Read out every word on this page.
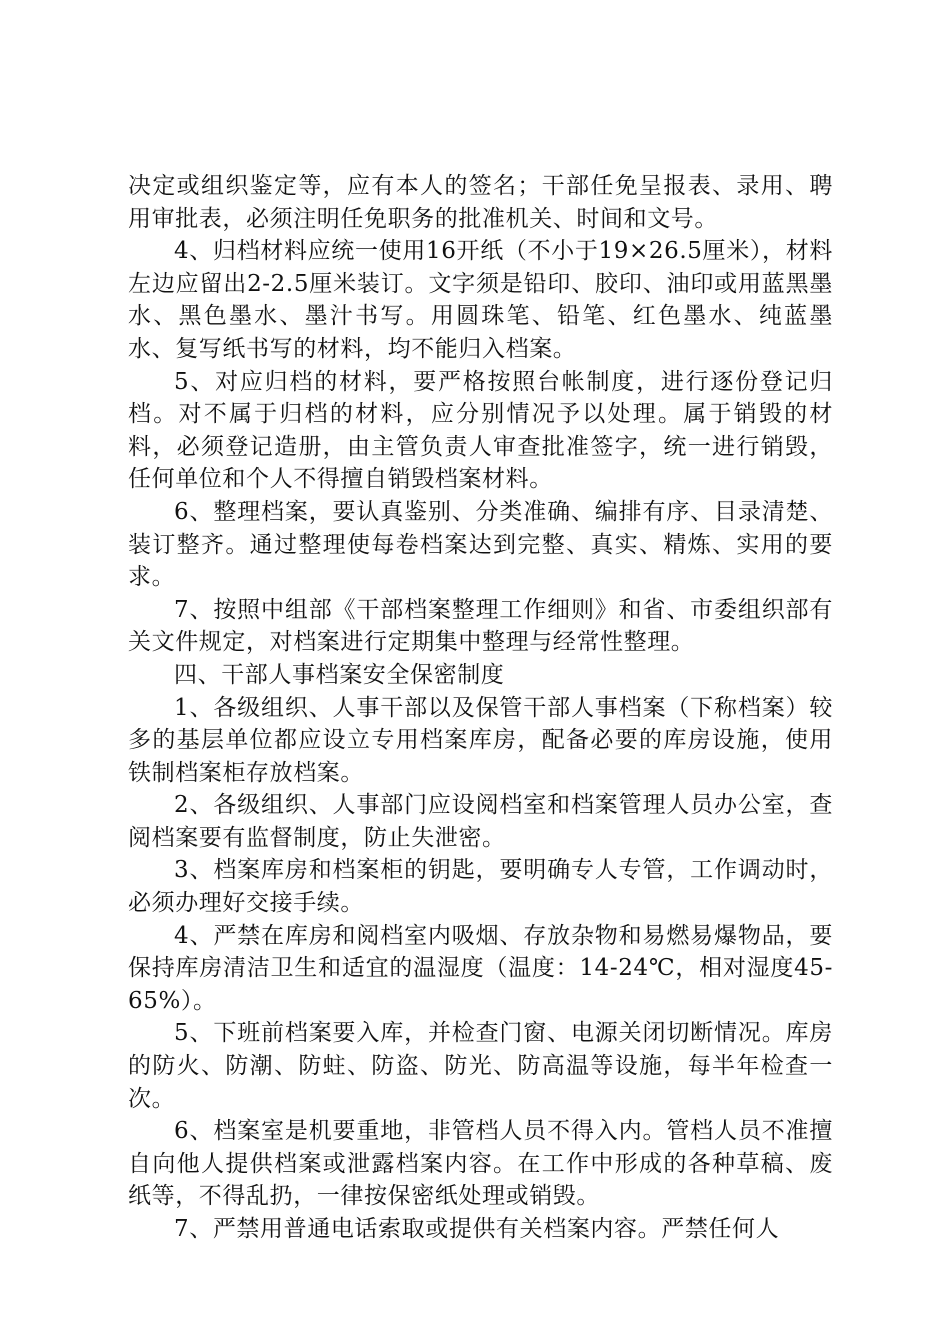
决定或组织鉴定等，应有本人的签名；干部任免呈报表、录用、聘用审批表，必须注明任免职务的批准机关、时间和文号。

4、归档材料应统一使用16开纸（不小于19×26.5厘米），材料左边应留出2-2.5厘米装订。文字须是铅印、胶印、油印或用蓝黑墨水、黑色墨水、墨汁书写。用圆珠笔、铅笔、红色墨水、纯蓝墨水、复写纸书写的材料，均不能归入档案。

5、对应归档的材料，要严格按照台帐制度，进行逐份登记归档。对不属于归档的材料，应分别情况予以处理。属于销毁的材料，必须登记造册，由主管负责人审查批准签字，统一进行销毁，任何单位和个人不得擅自销毁档案材料。

6、整理档案，要认真鉴别、分类准确、编排有序、目录清楚、装订整齐。通过整理使每卷档案达到完整、真实、精炼、实用的要求。

7、按照中组部《干部档案整理工作细则》和省、市委组织部有关文件规定，对档案进行定期集中整理与经常性整理。

四、干部人事档案安全保密制度

1、各级组织、人事干部以及保管干部人事档案（下称档案）较多的基层单位都应设立专用档案库房，配备必要的库房设施，使用铁制档案柜存放档案。

2、各级组织、人事部门应设阅档室和档案管理人员办公室，查阅档案要有监督制度，防止失泄密。

3、档案库房和档案柜的钥匙，要明确专人专管，工作调动时，必须办理好交接手续。

4、严禁在库房和阅档室内吸烟、存放杂物和易燃易爆物品，要保持库房清洁卫生和适宜的温湿度（温度：14-24℃，相对湿度45-65%）。

5、下班前档案要入库，并检查门窗、电源关闭切断情况。库房的防火、防潮、防蛀、防盗、防光、防高温等设施，每半年检查一次。

6、档案室是机要重地，非管档人员不得入内。管档人员不准擅自向他人提供档案或泄露档案内容。在工作中形成的各种草稿、废纸等，不得乱扔，一律按保密纸处理或销毁。

7、严禁用普通电话索取或提供有关档案内容。严禁任何人
